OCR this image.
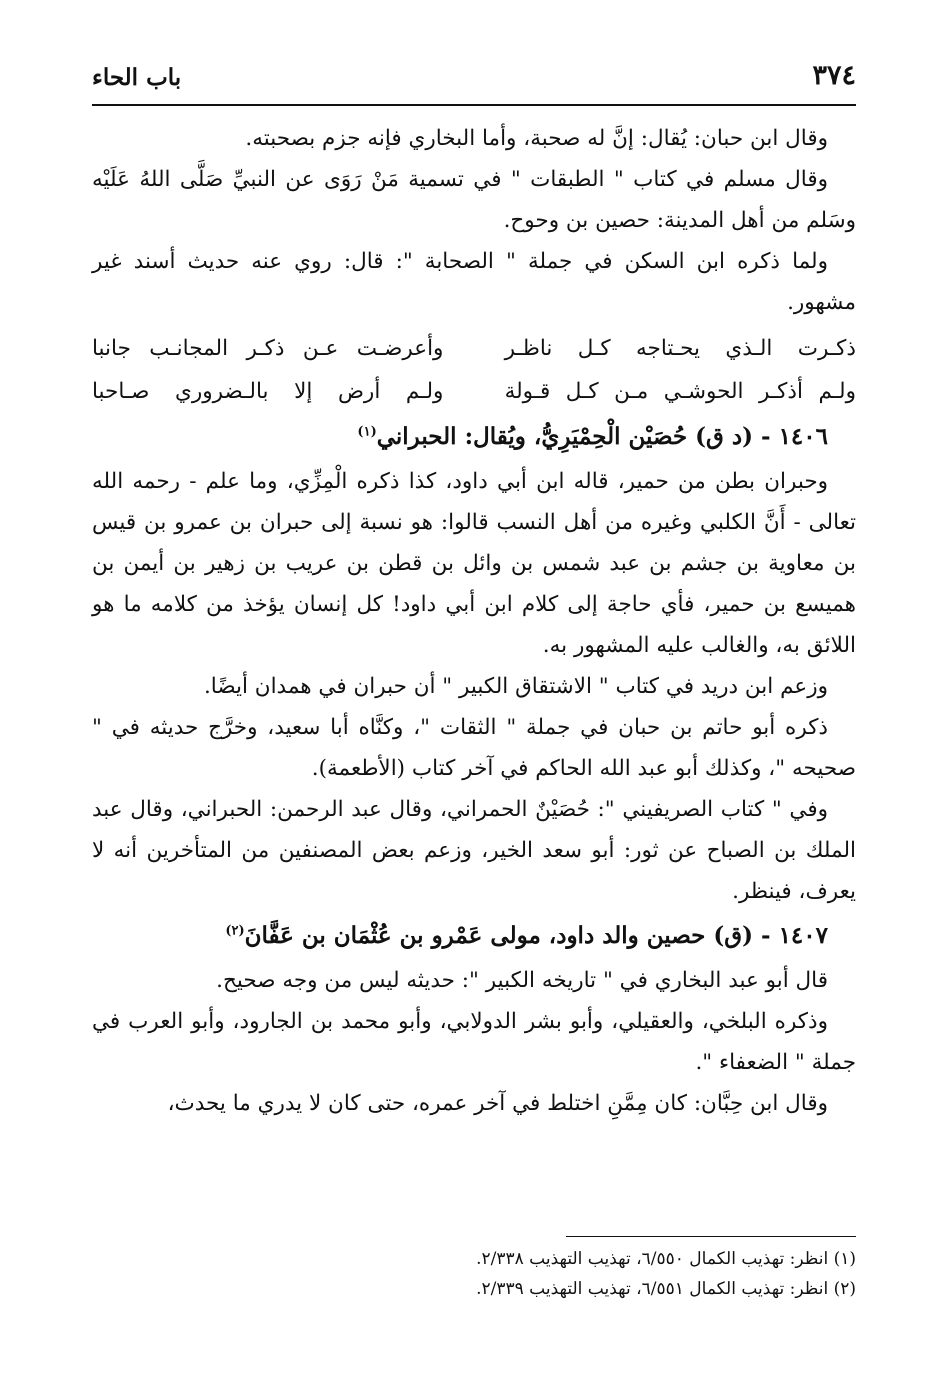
٣٧٤
باب الحاء

وقال ابن حبان: يُقال: إنَّ له صحبة، وأما البخاري فإنه جزم بصحبته.

وقال مسلم في كتاب " الطبقات " في تسمية مَنْ رَوَى عن النبيِّ صَلَّى اللهُ عَلَيْه وسَلم من أهل المدينة: حصين بن وحوح.

ولما ذكره ابن السكن في جملة " الصحابة ": قال: روي عنه حديث أسند غير مشهور.

ذكـرت الـذي يحـتاجه كـل ناظـر
وأعرضـت عـن ذكـر المجانـب جانبا
ولـم أذكـر الحوشـي مـن كـل قـولة
ولـم أرض إلا بالـضروري صـاحبا

١٤٠٦ - (د ق) حُصَيْن الْحِمْيَرِيُّ، ويُقال: الحبراني$^{(١)}$

وحبران بطن من حمير، قاله ابن أبي داود، كذا ذكره الْمِزِّي، وما علم - رحمه الله تعالى - أَنَّ الكلبي وغيره من أهل النسب قالوا: هو نسبة إلى حبران بن عمرو بن قيس بن معاوية بن جشم بن عبد شمس بن وائل بن قطن بن عريب بن زهير بن أيمن بن هميسع بن حمير، فأي حاجة إلى كلام ابن أبي داود! كل إنسان يؤخذ من كلامه ما هو اللائق به، والغالب عليه المشهور به.

وزعم ابن دريد في كتاب " الاشتقاق الكبير " أن حبران في همدان أيضًا.

ذكره أبو حاتم بن حبان في جملة " الثقات "، وكنَّاه أبا سعيد، وخرَّج حديثه في " صحيحه "، وكذلك أبو عبد الله الحاكم في آخر كتاب (الأطعمة).

وفي " كتاب الصريفيني ": حُصَيْنٌ الحمراني، وقال عبد الرحمن: الحبراني، وقال عبد الملك بن الصباح عن ثور: أبو سعد الخير، وزعم بعض المصنفين من المتأخرين أنه لا يعرف، فينظر.

١٤٠٧ - (ق) حصين والد داود، مولى عَمْرو بن عُثْمَان بن عَفَّانَ$^{(٢)}$

قال أبو عبد البخاري في " تاريخه الكبير ": حديثه ليس من وجه صحيح.

وذكره البلخي، والعقيلي، وأبو بشر الدولابي، وأبو محمد بن الجارود، وأبو العرب في جملة " الضعفاء ".

وقال ابن حِبَّان: كان مِمَّنِ اختلط في آخر عمره، حتى كان لا يدري ما يحدث،

(١) انظر: تهذيب الكمال ٦/٥٥٠، تهذيب التهذيب ٢/٣٣٨.

(٢) انظر: تهذيب الكمال ٦/٥٥١، تهذيب التهذيب ٢/٣٣٩.
